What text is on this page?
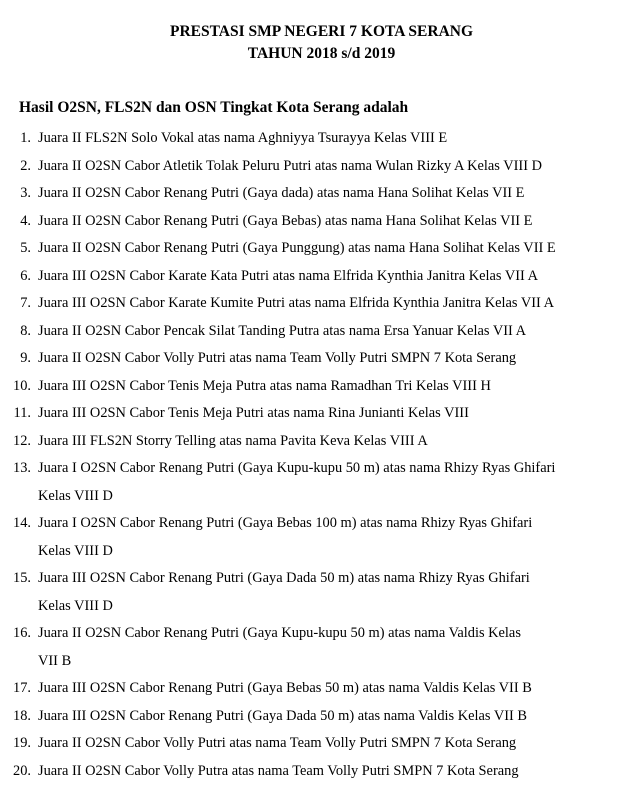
PRESTASI SMP NEGERI 7 KOTA SERANG
TAHUN 2018 s/d 2019
Hasil O2SN, FLS2N dan OSN Tingkat Kota Serang adalah
1. Juara II FLS2N Solo Vokal atas nama Aghniyya Tsurayya Kelas VIII E
2. Juara II O2SN Cabor Atletik Tolak Peluru Putri atas nama Wulan Rizky A Kelas VIII D
3. Juara II O2SN Cabor Renang Putri (Gaya dada) atas nama Hana Solihat Kelas VII E
4. Juara II O2SN Cabor Renang Putri (Gaya Bebas) atas nama Hana Solihat Kelas VII E
5. Juara II O2SN Cabor Renang Putri (Gaya Punggung) atas nama Hana Solihat Kelas VII E
6. Juara III O2SN Cabor Karate Kata Putri atas nama Elfrida Kynthia Janitra Kelas VII A
7. Juara III O2SN Cabor Karate Kumite Putri atas nama Elfrida Kynthia Janitra Kelas VII A
8. Juara II O2SN Cabor Pencak Silat Tanding Putra atas nama Ersa Yanuar Kelas VII A
9. Juara II O2SN Cabor Volly Putri atas nama Team Volly Putri SMPN 7 Kota Serang
10. Juara III O2SN Cabor Tenis Meja Putra atas nama Ramadhan Tri Kelas VIII H
11. Juara III O2SN Cabor Tenis Meja Putri atas nama Rina Junianti Kelas VIII
12. Juara III FLS2N Storry Telling atas nama Pavita Keva Kelas VIII A
13. Juara I O2SN Cabor Renang Putri (Gaya Kupu-kupu 50 m) atas nama Rhizy Ryas Ghifari
Kelas VIII D
14. Juara I O2SN Cabor Renang Putri (Gaya Bebas 100 m) atas nama Rhizy Ryas Ghifari
Kelas VIII D
15. Juara III O2SN Cabor Renang Putri (Gaya Dada 50 m) atas nama Rhizy Ryas Ghifari
Kelas VIII D
16. Juara II O2SN Cabor Renang Putri (Gaya Kupu-kupu 50 m) atas nama Valdis Kelas
VII B
17. Juara III O2SN Cabor Renang Putri (Gaya Bebas 50 m) atas nama Valdis Kelas VII B
18. Juara III O2SN Cabor Renang Putri (Gaya Dada 50 m) atas nama Valdis Kelas VII B
19. Juara II O2SN Cabor Volly Putri atas nama Team Volly Putri SMPN 7 Kota Serang
20. Juara II O2SN Cabor Volly Putra atas nama Team Volly Putri SMPN 7 Kota Serang
